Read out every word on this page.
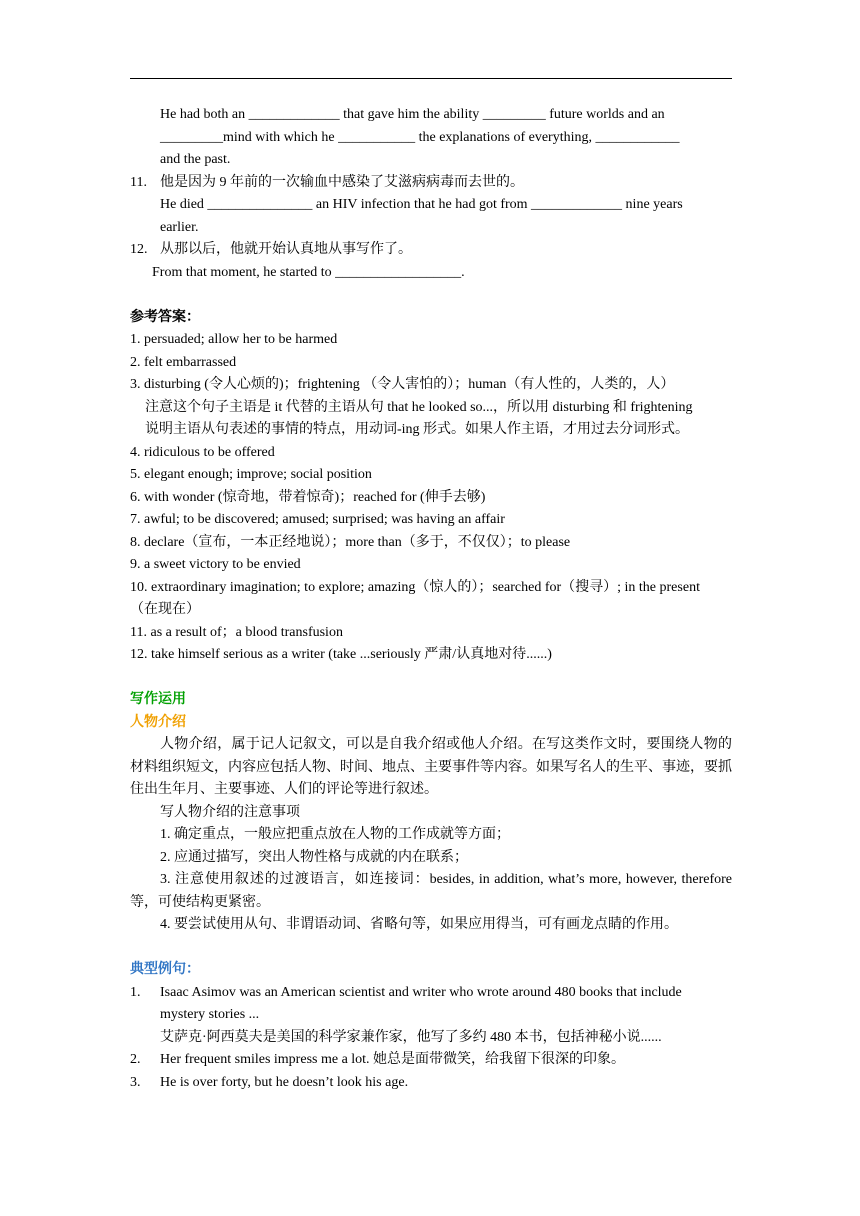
He had both an _____________ that gave him the ability _________ future worlds and an

_________mind with which he ___________ the explanations of everything, ____________

and the past.

11. 他是因为 9 年前的一次输血中感染了艾滋病病毒而去世的。

He died _______________ an HIV infection that he had got from _____________ nine years

earlier.

12. 从那以后，他就开始认真地从事写作了。

From that moment, he started to __________________.

参考答案：

1. persuaded; allow her to be harmed

2. felt embarrassed

3. disturbing (令人心烦的)；frightening （令人害怕的）；human（有人性的，人类的，人）

注意这个句子主语是 it 代替的主语从句 that he looked so...，所以用 disturbing 和 frightening

说明主语从句表述的事情的特点，用动词-ing 形式。如果人作主语，才用过去分词形式。

4. ridiculous to be offered

5. elegant enough; improve; social position

6. with wonder (惊奇地，带着惊奇)；reached for (伸手去够)

7. awful; to be discovered; amused; surprised; was having an affair

8. declare（宣布，一本正经地说）；more than（多于，不仅仅）；to please

9. a sweet victory to be envied

10. extraordinary imagination; to explore; amazing（惊人的）；searched for（搜寻）; in the present

（在现在）

11. as a result of；a blood transfusion

12. take himself serious as a writer (take ...seriously 严肃/认真地对待......)

写作运用

人物介绍

人物介绍，属于记人记叙文，可以是自我介绍或他人介绍。在写这类作文时，要围绕人物的材料组织短文，内容应包括人物、时间、地点、主要事件等内容。如果写名人的生平、事迹，要抓住出生年月、主要事迹、人们的评论等进行叙述。

写人物介绍的注意事项

1. 确定重点，一般应把重点放在人物的工作成就等方面；

2. 应通过描写，突出人物性格与成就的内在联系；

3. 注意使用叙述的过渡语言，如连接词：besides, in addition, what’s more, however, therefore 等，可使结构更紧密。

4. 要尝试使用从句、非谓语动词、省略句等，如果应用得当，可有画龙点睛的作用。

典型例句：

1.	Isaac Asimov was an American scientist and writer who wrote around 480 books that include
mystery stories ...
艾萨克·阿西莫夫是美国的科学家兼作家，他写了多约 480 本书，包括神秘小说......
2.	Her frequent smiles impress me a lot. 她总是面带微笑，给我留下很深的印象。
3.	He is over forty, but he doesn’t look his age.
